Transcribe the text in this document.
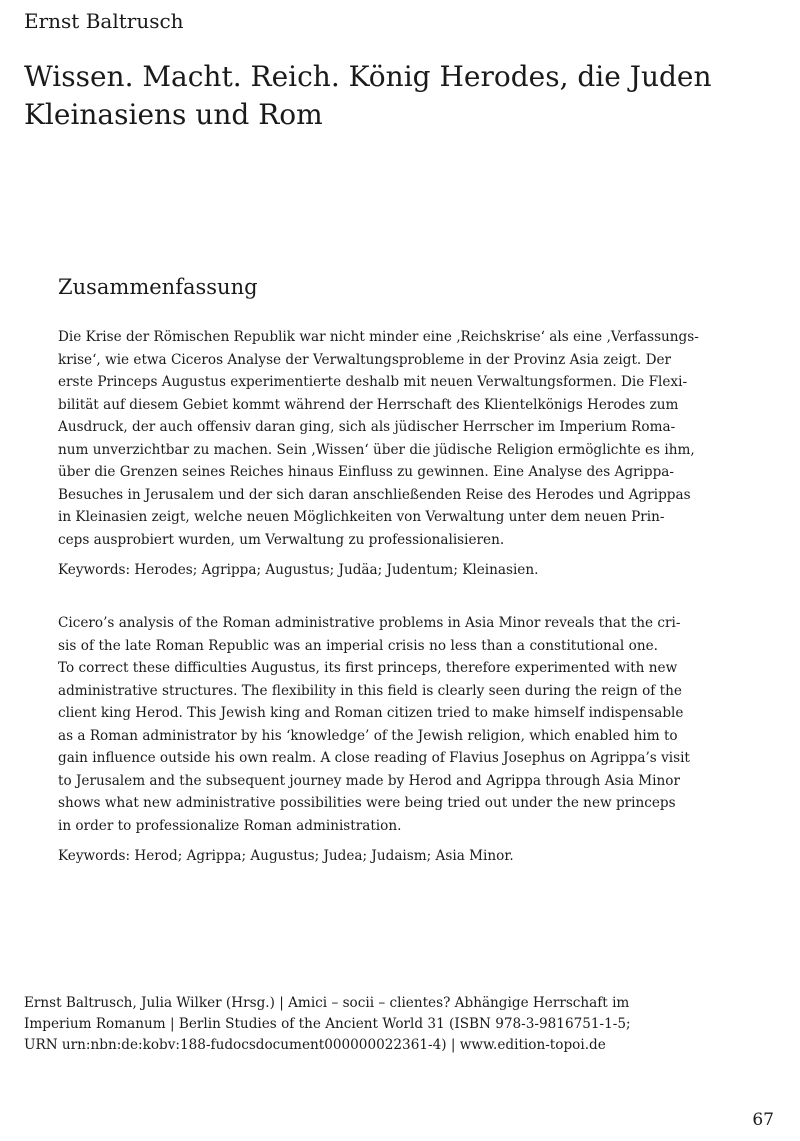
Ernst Baltrusch

Wissen. Macht. Reich. König Herodes, die Juden Kleinasiens und Rom
Zusammenfassung
Die Krise der Römischen Republik war nicht minder eine ‚Reichskrise‘ als eine ‚Verfassungs-
krise‘, wie etwa Ciceros Analyse der Verwaltungsprobleme in der Provinz Asia zeigt. Der
erste Princeps Augustus experimentierte deshalb mit neuen Verwaltungsformen. Die Flexi-
bilität auf diesem Gebiet kommt während der Herrschaft des Klientelkönigs Herodes zum
Ausdruck, der auch offensiv daran ging, sich als jüdischer Herrscher im Imperium Roma-
num unverzichtbar zu machen. Sein ‚Wissen‘ über die jüdische Religion ermöglichte es ihm,
über die Grenzen seines Reiches hinaus Einfluss zu gewinnen. Eine Analyse des Agrippa-
Besuches in Jerusalem und der sich daran anschließenden Reise des Herodes und Agrippas
in Kleinasien zeigt, welche neuen Möglichkeiten von Verwaltung unter dem neuen Prin-
ceps ausprobiert wurden, um Verwaltung zu professionalisieren.

Keywords: Herodes; Agrippa; Augustus; Judäa; Judentum; Kleinasien.

Cicero’s analysis of the Roman administrative problems in Asia Minor reveals that the cri-
sis of the late Roman Republic was an imperial crisis no less than a constitutional one.
To correct these difficulties Augustus, its first princeps, therefore experimented with new
administrative structures. The flexibility in this field is clearly seen during the reign of the
client king Herod. This Jewish king and Roman citizen tried to make himself indispensable
as a Roman administrator by his ‘knowledge’ of the Jewish religion, which enabled him to
gain influence outside his own realm. A close reading of Flavius Josephus on Agrippa’s visit
to Jerusalem and the subsequent journey made by Herod and Agrippa through Asia Minor
shows what new administrative possibilities were being tried out under the new princeps
in order to professionalize Roman administration.

Keywords: Herod; Agrippa; Augustus; Judea; Judaism; Asia Minor.

Ernst Baltrusch, Julia Wilker (Hrsg.) | Amici – socii – clientes? Abhängige Herrschaft im
Imperium Romanum | Berlin Studies of the Ancient World 31 (ISBN 978-3-9816751-1-5;
URN urn:nbn:de:kobv:188-fudocsdocument000000022361-4) | www.edition-topoi.de

67
